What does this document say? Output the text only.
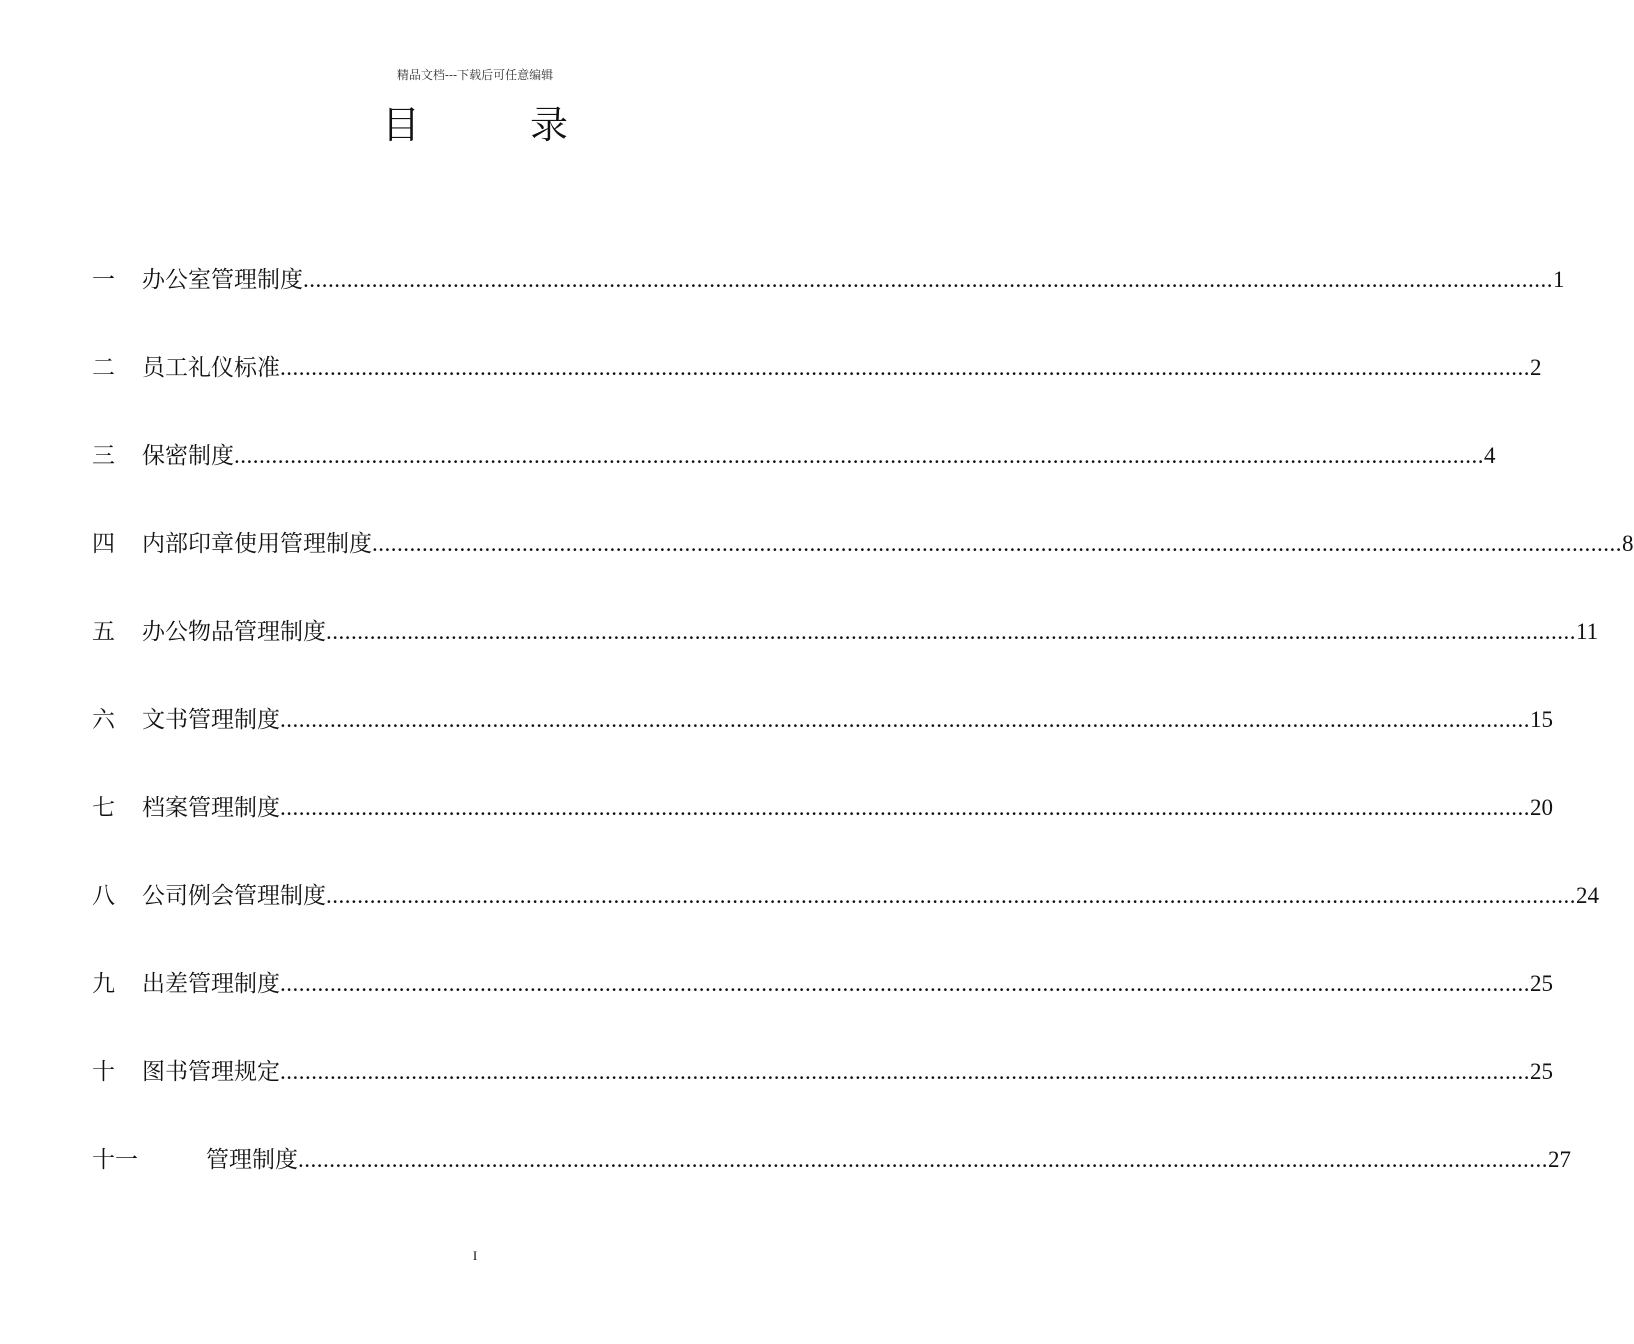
精品文档---下载后可任意编辑
目	录
一	办公室管理制度 ........................................................................................................................................................................................................ 1
二	员工礼仪标准 ........................................................................................................................................................................................................ 2
三	保密制度 ........................................................................................................................................................................................................ 4
四	内部印章使用管理制度 ........................................................................................................................................................................................................ 8
五	办公物品管理制度 ........................................................................................................................................................................................................ 11
六	文书管理制度 ........................................................................................................................................................................................................ 15
七	档案管理制度 ........................................................................................................................................................................................................ 20
八	公司例会管理制度 ........................................................................................................................................................................................................ 24
九	出差管理制度 ........................................................................................................................................................................................................ 25
十	图书管理规定 ........................................................................................................................................................................................................ 25
十一	管理制度 ........................................................................................................................................................................................................ 27
I
